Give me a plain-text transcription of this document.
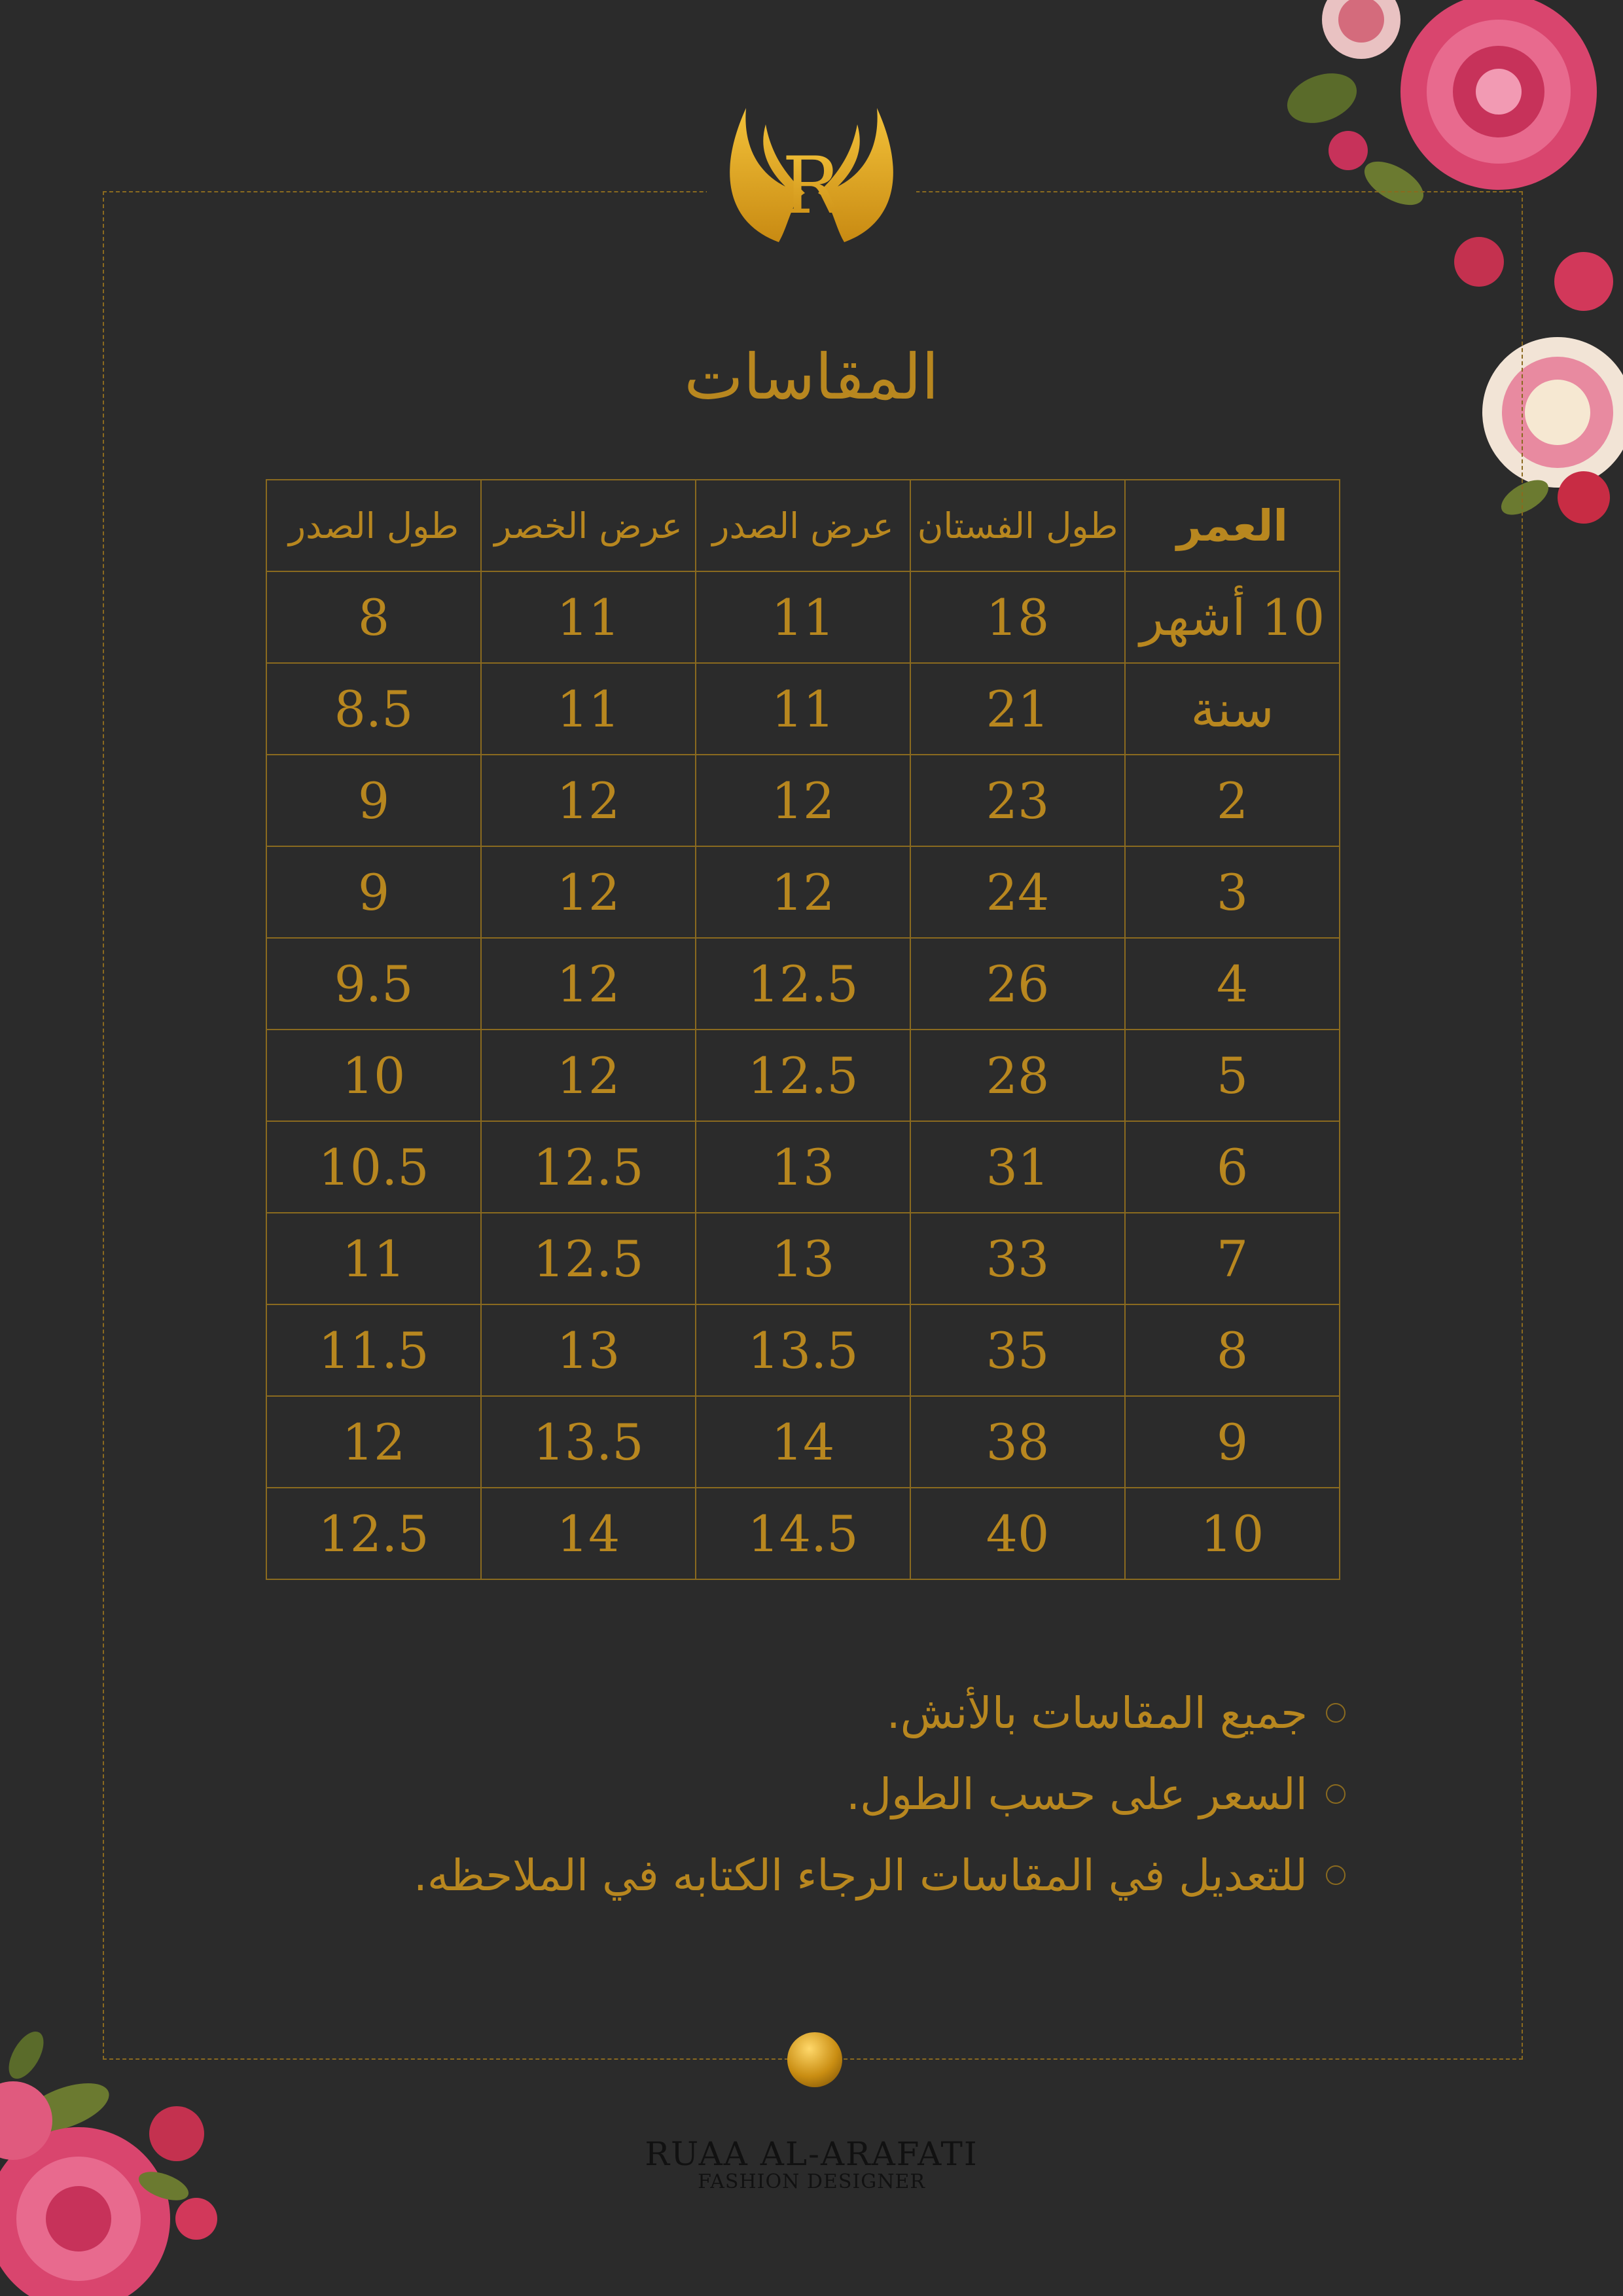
R
المقاسات
العمر	طول الفستان	عرض الصدر	عرض الخصر	طول الصدر
10 أشهر	18	11	11	8
سنة	21	11	11	8.5
2	23	12	12	9
3	24	12	12	9
4	26	12.5	12	9.5
5	28	12.5	12	10
6	31	13	12.5	10.5
7	33	13	12.5	11
8	35	13.5	13	11.5
9	38	14	13.5	12
10	40	14.5	14	12.5
جميع المقاسات بالأنش.
السعر على حسب الطول.
للتعديل في المقاسات الرجاء الكتابه في الملاحظه.
RUAA AL-ARAFATI
FASHION DESIGNER
